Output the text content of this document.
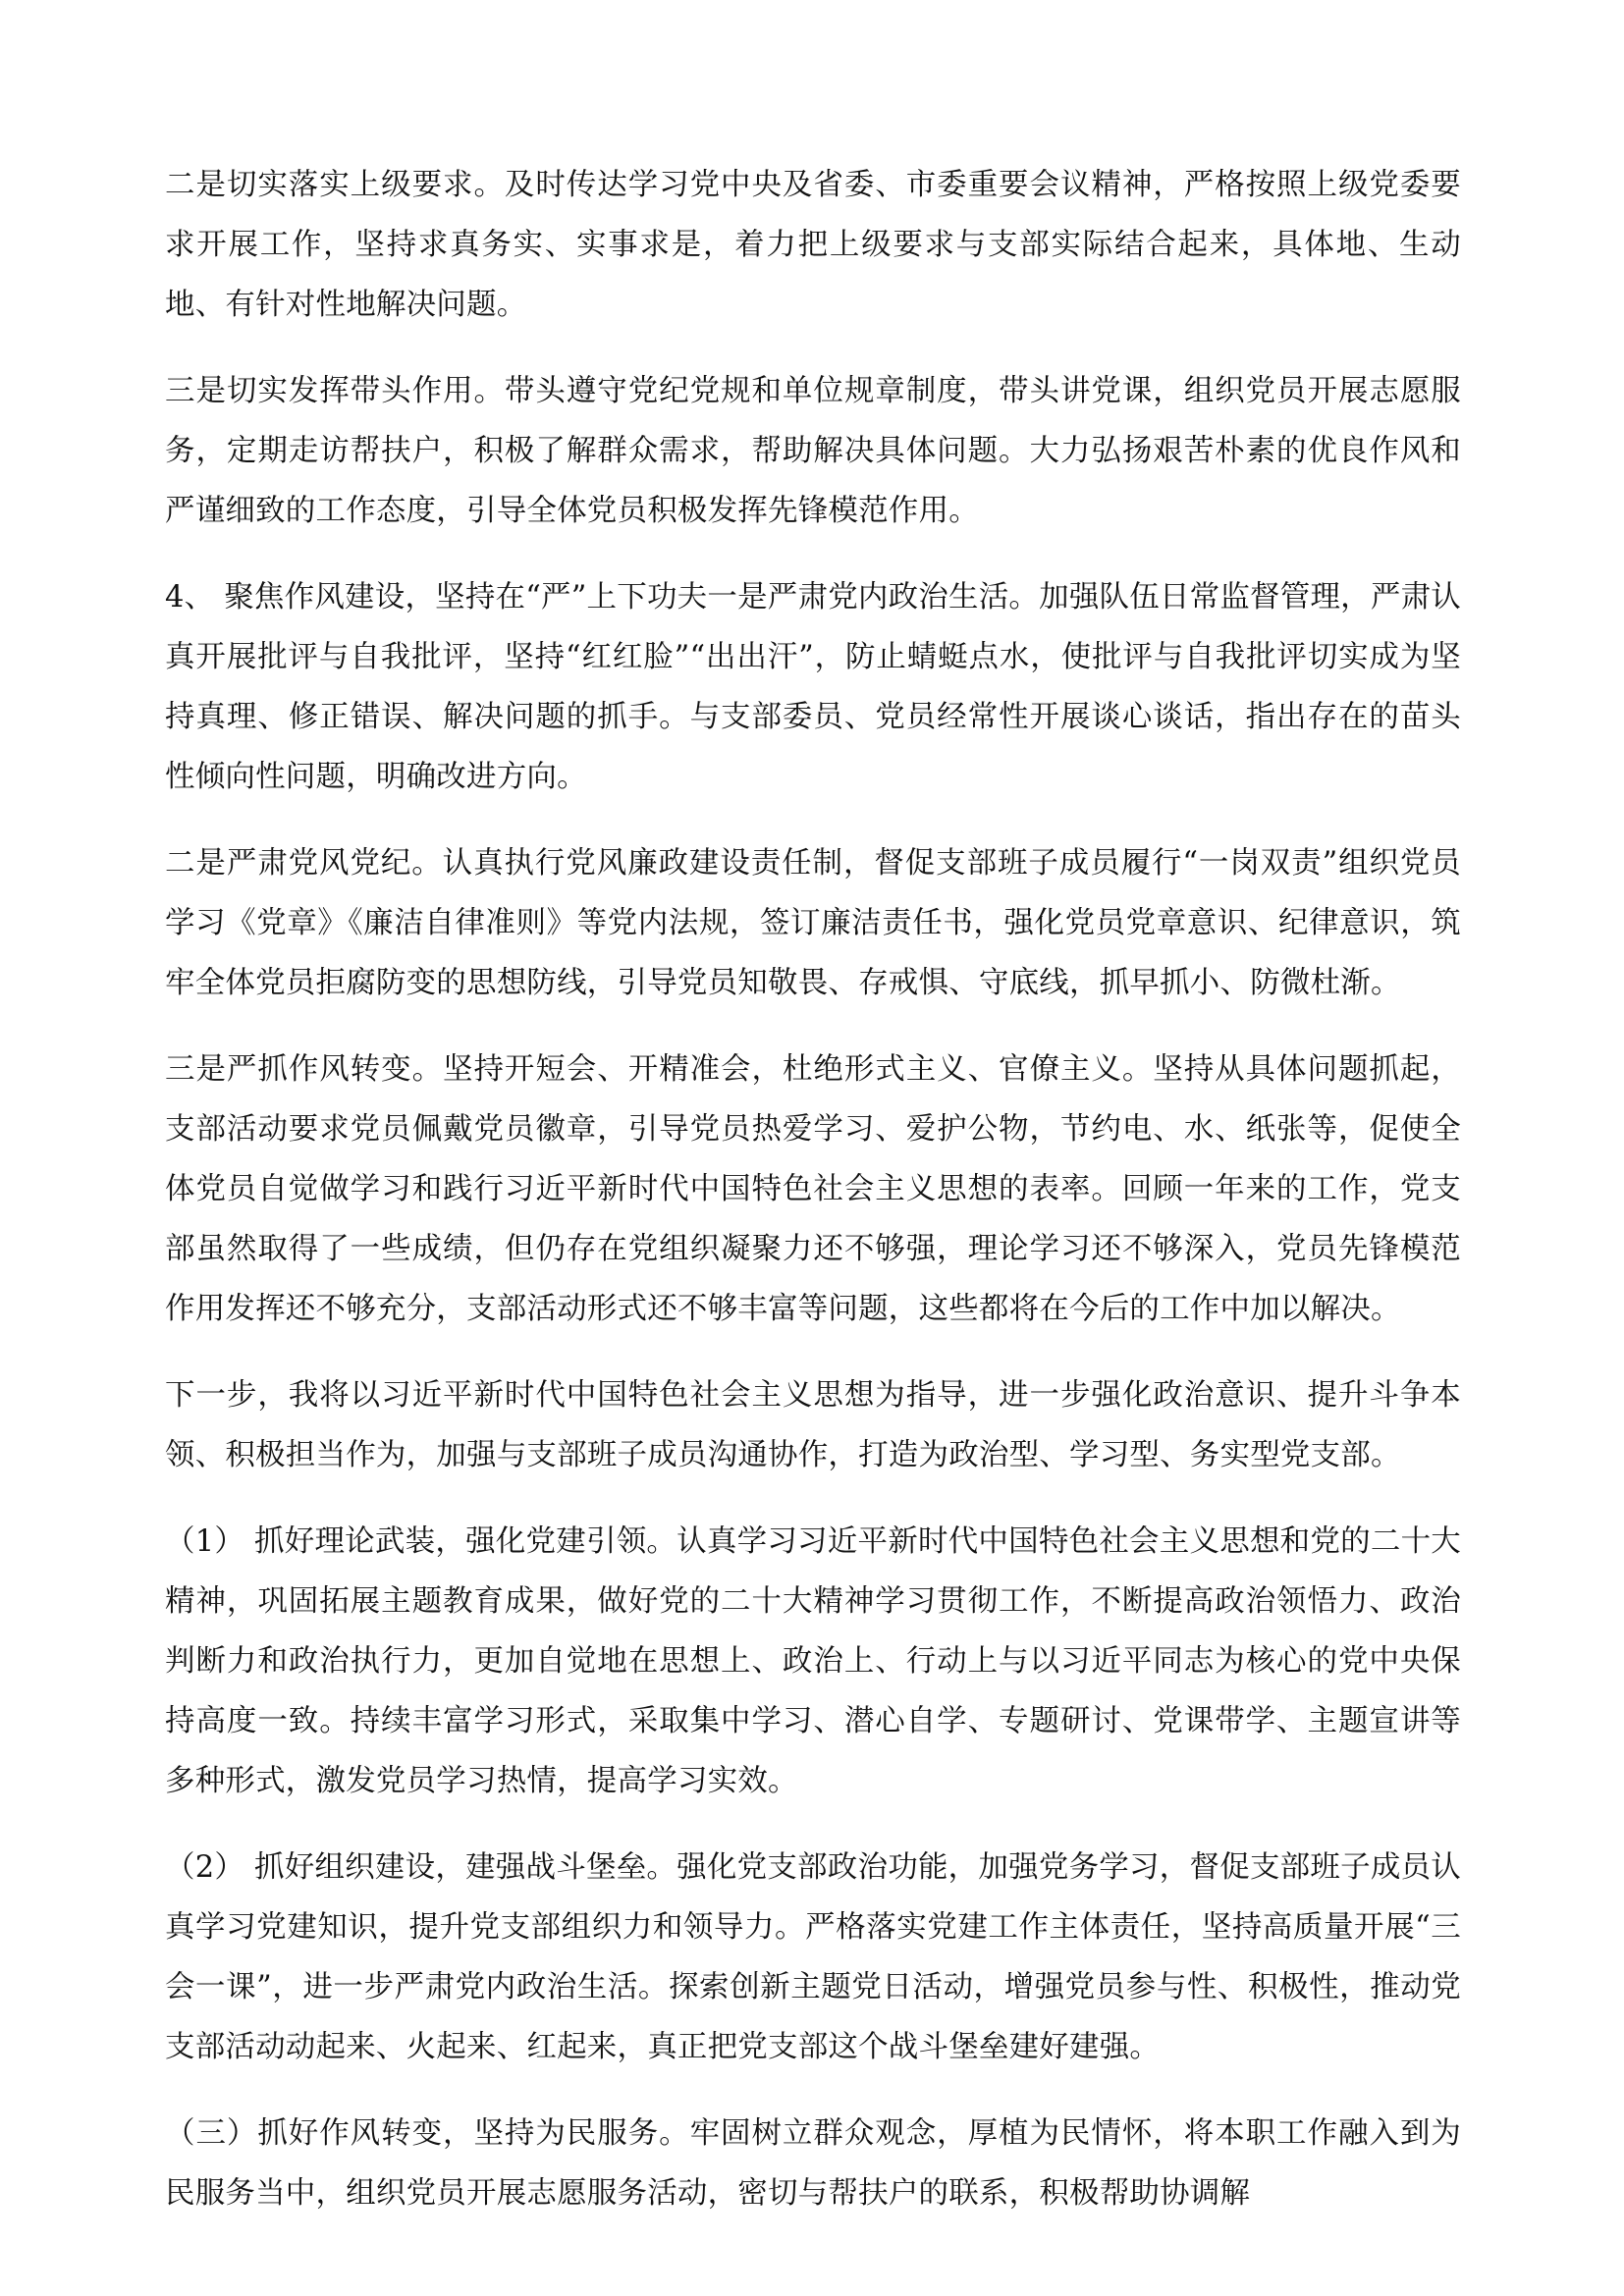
二是切实落实上级要求。及时传达学习党中央及省委、市委重要会议精神，严格按照上级党委要求开展工作，坚持求真务实、实事求是，着力把上级要求与支部实际结合起来，具体地、生动地、有针对性地解决问题。

三是切实发挥带头作用。带头遵守党纪党规和单位规章制度，带头讲党课，组织党员开展志愿服务，定期走访帮扶户，积极了解群众需求，帮助解决具体问题。大力弘扬艰苦朴素的优良作风和严谨细致的工作态度，引导全体党员积极发挥先锋模范作用。

4、 聚焦作风建设，坚持在“严”上下功夫一是严肃党内政治生活。加强队伍日常监督管理，严肃认真开展批评与自我批评，坚持“红红脸”“出出汗”，防止蜻蜓点水，使批评与自我批评切实成为坚持真理、修正错误、解决问题的抓手。与支部委员、党员经常性开展谈心谈话，指出存在的苗头性倾向性问题，明确改进方向。

二是严肃党风党纪。认真执行党风廉政建设责任制，督促支部班子成员履行“一岗双责”组织党员学习《党章》《廉洁自律准则》等党内法规，签订廉洁责任书，强化党员党章意识、纪律意识，筑牢全体党员拒腐防变的思想防线，引导党员知敬畏、存戒惧、守底线，抓早抓小、防微杜渐。

三是严抓作风转变。坚持开短会、开精准会，杜绝形式主义、官僚主义。坚持从具体问题抓起，支部活动要求党员佩戴党员徽章，引导党员热爱学习、爱护公物，节约电、水、纸张等，促使全体党员自觉做学习和践行习近平新时代中国特色社会主义思想的表率。回顾一年来的工作，党支部虽然取得了一些成绩，但仍存在党组织凝聚力还不够强，理论学习还不够深入，党员先锋模范作用发挥还不够充分，支部活动形式还不够丰富等问题，这些都将在今后的工作中加以解决。

下一步，我将以习近平新时代中国特色社会主义思想为指导，进一步强化政治意识、提升斗争本领、积极担当作为，加强与支部班子成员沟通协作，打造为政治型、学习型、务实型党支部。

（1） 抓好理论武装，强化党建引领。认真学习习近平新时代中国特色社会主义思想和党的二十大精神，巩固拓展主题教育成果，做好党的二十大精神学习贯彻工作，不断提高政治领悟力、政治判断力和政治执行力，更加自觉地在思想上、政治上、行动上与以习近平同志为核心的党中央保持高度一致。持续丰富学习形式，采取集中学习、潜心自学、专题研讨、党课带学、主题宣讲等多种形式，激发党员学习热情，提高学习实效。

（2） 抓好组织建设，建强战斗堡垒。强化党支部政治功能，加强党务学习，督促支部班子成员认真学习党建知识，提升党支部组织力和领导力。严格落实党建工作主体责任，坚持高质量开展“三会一课”，进一步严肃党内政治生活。探索创新主题党日活动，增强党员参与性、积极性，推动党支部活动动起来、火起来、红起来，真正把党支部这个战斗堡垒建好建强。

（三）抓好作风转变，坚持为民服务。牢固树立群众观念，厚植为民情怀，将本职工作融入到为民服务当中，组织党员开展志愿服务活动，密切与帮扶户的联系，积极帮助协调解
